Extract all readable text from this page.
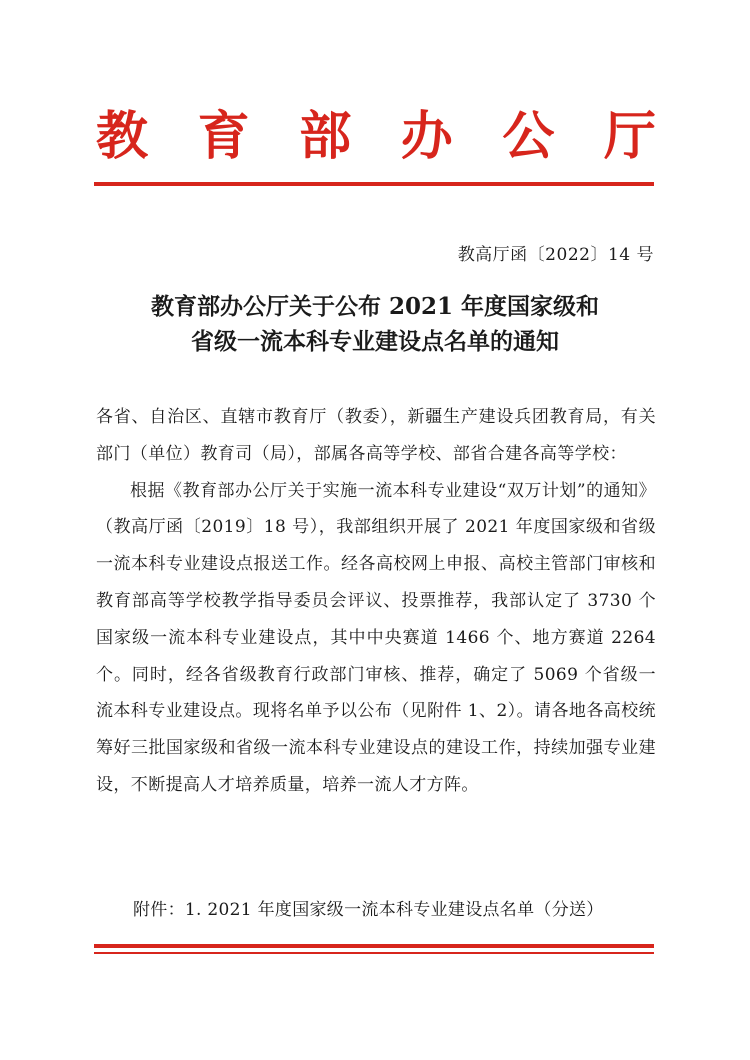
教 育 部 办 公 厅
教高厅函〔2022〕14 号
教育部办公厅关于公布 2021 年度国家级和
省级一流本科专业建设点名单的通知

各省、自治区、直辖市教育厅（教委），新疆生产建设兵团教育局，有关部门（单位）教育司（局），部属各高等学校、部省合建各高等学校：

根据《教育部办公厅关于实施一流本科专业建设“双万计划”的通知》（教高厅函〔2019〕18 号），我部组织开展了 2021 年度国家级和省级一流本科专业建设点报送工作。经各高校网上申报、高校主管部门审核和教育部高等学校教学指导委员会评议、投票推荐，我部认定了 3730 个国家级一流本科专业建设点，其中中央赛道 1466 个、地方赛道 2264 个。同时，经各省级教育行政部门审核、推荐，确定了 5069 个省级一流本科专业建设点。现将名单予以公布（见附件 1、2）。请各地各高校统筹好三批国家级和省级一流本科专业建设点的建设工作，持续加强专业建设，不断提高人才培养质量，培养一流人才方阵。

附件：1. 2021 年度国家级一流本科专业建设点名单（分送）
